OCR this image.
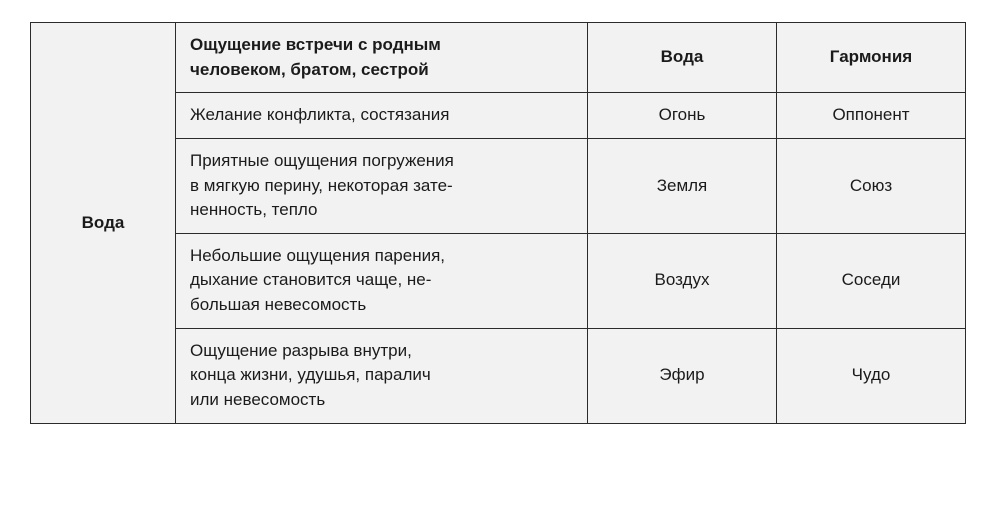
Вода	Ощущение встречи с родным
человеком, братом, сестрой	Вода	Гармония

	Желание конфликта, состязания	Огонь	Оппонент

	Приятные ощущения погружения
в мягкую перину, некоторая зате-
ненность, тепло	Земля	Союз

	Небольшие ощущения парения,
дыхание становится чаще, не-
большая невесомость	Воздух	Соседи

	Ощущение разрыва внутри,
конца жизни, удушья, паралич
или невесомость	Эфир	Чудо
